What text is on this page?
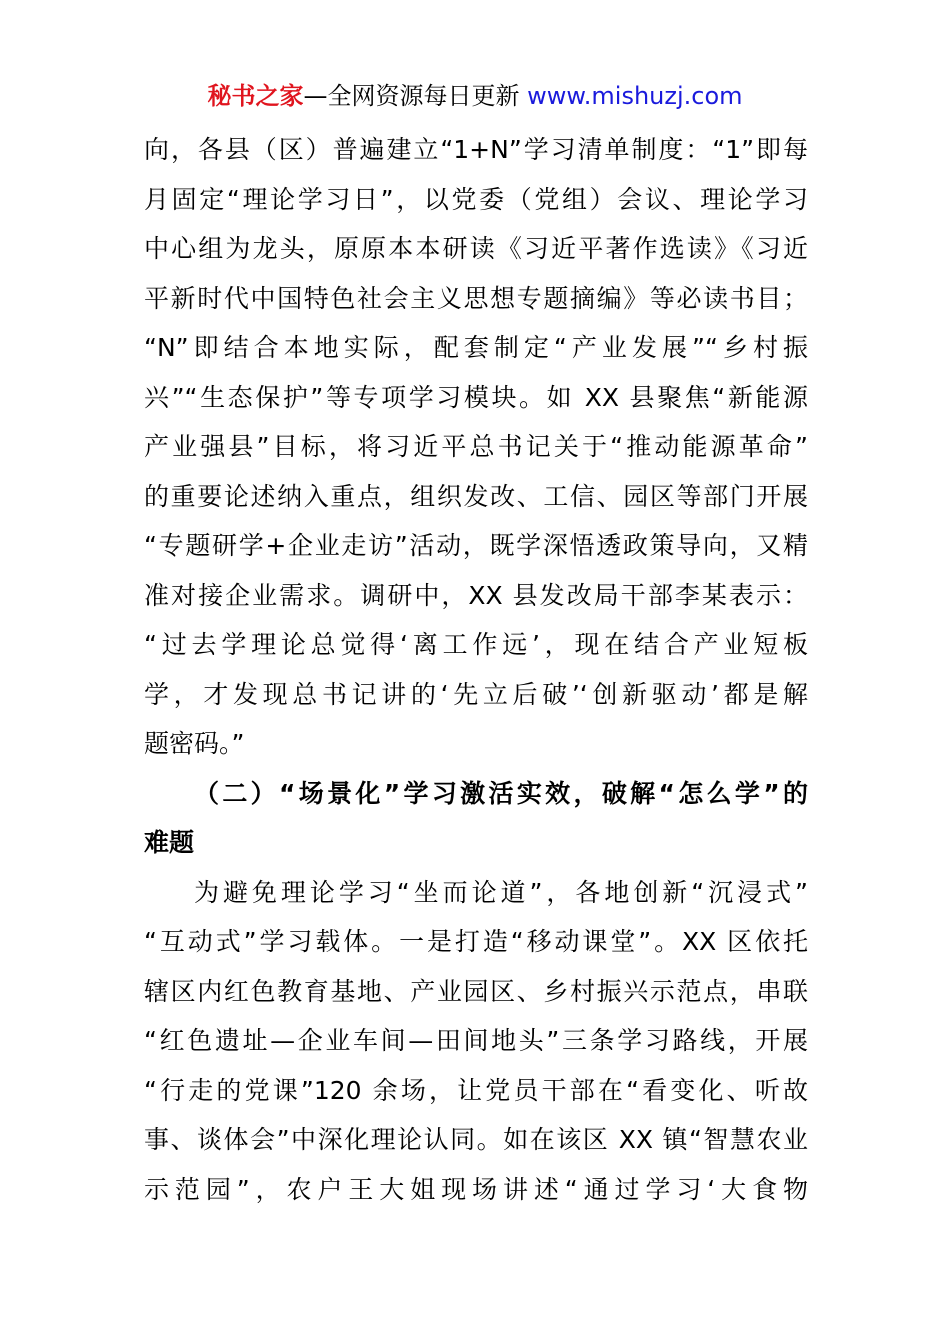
秘书之家—全网资源每日更新 www.mishuzj.com
向，各县（区）普遍建立“1+N”学习清单制度：“1”即每
月固定“理论学习日”，以党委（党组）会议、理论学习
中心组为龙头，原原本本研读《习近平著作选读》《习近
平新时代中国特色社会主义思想专题摘编》等必读书目；
“N”即结合本地实际，配套制定“产业发展”“乡村振
兴”“生态保护”等专项学习模块。如 XX 县聚焦“新能源
产业强县”目标，将习近平总书记关于“推动能源革命”
的重要论述纳入重点，组织发改、工信、园区等部门开展
“专题研学+企业走访”活动，既学深悟透政策导向，又精
准对接企业需求。调研中，XX 县发改局干部李某表示：
“过去学理论总觉得‘离工作远’，现在结合产业短板
学，才发现总书记讲的‘先立后破’‘创新驱动’都是解
题密码。”
（二）“场景化”学习激活实效，破解“怎么学”的
难题
为避免理论学习“坐而论道”，各地创新“沉浸式”
“互动式”学习载体。一是打造“移动课堂”。XX 区依托
辖区内红色教育基地、产业园区、乡村振兴示范点，串联
“红色遗址—企业车间—田间地头”三条学习路线，开展
“行走的党课”120 余场，让党员干部在“看变化、听故
事、谈体会”中深化理论认同。如在该区 XX 镇“智慧农业
示范园”，农户王大姐现场讲述“通过学习‘大食物
